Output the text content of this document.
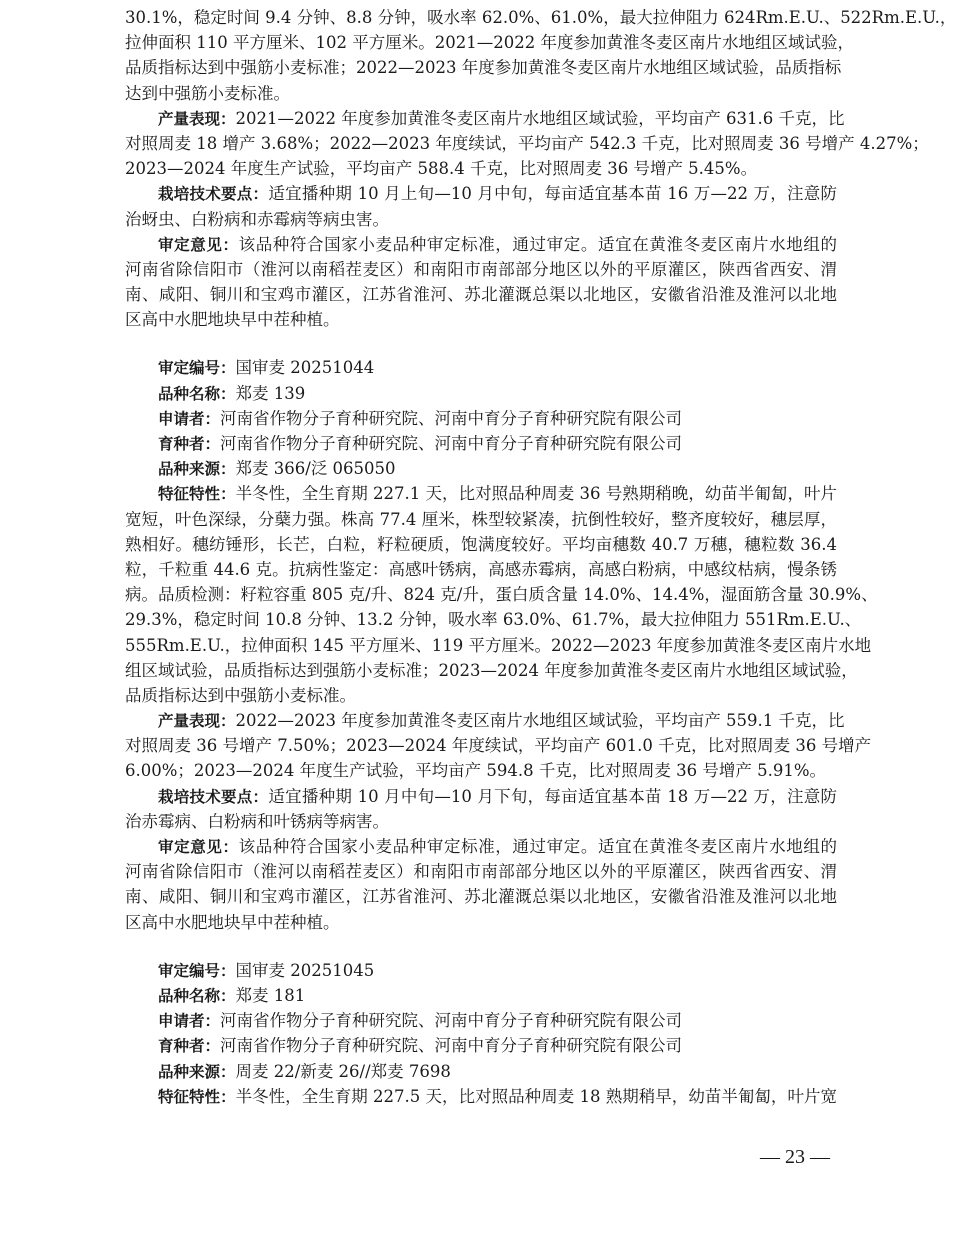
30.1%，稳定时间 9.4 分钟、8.8 分钟，吸水率 62.0%、61.0%，最大拉伸阻力 624Rm.E.U.、522Rm.E.U.，
拉伸面积 110 平方厘米、102 平方厘米。2021—2022 年度参加黄淮冬麦区南片水地组区域试验，
品质指标达到中强筋小麦标准；2022—2023 年度参加黄淮冬麦区南片水地组区域试验，品质指标
达到中强筋小麦标准。
产量表现：2021—2022 年度参加黄淮冬麦区南片水地组区域试验，平均亩产 631.6 千克，比
对照周麦 18 增产 3.68%；2022—2023 年度续试，平均亩产 542.3 千克，比对照周麦 36 号增产 4.27%；
2023—2024 年度生产试验，平均亩产 588.4 千克，比对照周麦 36 号增产 5.45%。
栽培技术要点：适宜播种期 10 月上旬—10 月中旬，每亩适宜基本苗 16 万—22 万，注意防
治蚜虫、白粉病和赤霉病等病虫害。
审定意见：该品种符合国家小麦品种审定标准，通过审定。适宜在黄淮冬麦区南片水地组的
河南省除信阳市（淮河以南稻茬麦区）和南阳市南部部分地区以外的平原灌区，陕西省西安、渭
南、咸阳、铜川和宝鸡市灌区，江苏省淮河、苏北灌溉总渠以北地区，安徽省沿淮及淮河以北地
区高中水肥地块早中茬种植。
审定编号：国审麦 20251044
品种名称：郑麦 139
申请者：河南省作物分子育种研究院、河南中育分子育种研究院有限公司
育种者：河南省作物分子育种研究院、河南中育分子育种研究院有限公司
品种来源：郑麦 366/泛 065050
特征特性：半冬性，全生育期 227.1 天，比对照品种周麦 36 号熟期稍晚，幼苗半匍匐，叶片
宽短，叶色深绿，分蘖力强。株高 77.4 厘米，株型较紧凑，抗倒性较好，整齐度较好，穗层厚，
熟相好。穗纺锤形，长芒，白粒，籽粒硬质，饱满度较好。平均亩穗数 40.7 万穗，穗粒数 36.4
粒，千粒重 44.6 克。抗病性鉴定：高感叶锈病，高感赤霉病，高感白粉病，中感纹枯病，慢条锈
病。品质检测：籽粒容重 805 克/升、824 克/升，蛋白质含量 14.0%、14.4%，湿面筋含量 30.9%、
29.3%，稳定时间 10.8 分钟、13.2 分钟，吸水率 63.0%、61.7%，最大拉伸阻力 551Rm.E.U.、
555Rm.E.U.，拉伸面积 145 平方厘米、119 平方厘米。2022—2023 年度参加黄淮冬麦区南片水地
组区域试验，品质指标达到强筋小麦标准；2023—2024 年度参加黄淮冬麦区南片水地组区域试验，
品质指标达到中强筋小麦标准。
产量表现：2022—2023 年度参加黄淮冬麦区南片水地组区域试验，平均亩产 559.1 千克，比
对照周麦 36 号增产 7.50%；2023—2024 年度续试，平均亩产 601.0 千克，比对照周麦 36 号增产
6.00%；2023—2024 年度生产试验，平均亩产 594.8 千克，比对照周麦 36 号增产 5.91%。
栽培技术要点：适宜播种期 10 月中旬—10 月下旬，每亩适宜基本苗 18 万—22 万，注意防
治赤霉病、白粉病和叶锈病等病害。
审定意见：该品种符合国家小麦品种审定标准，通过审定。适宜在黄淮冬麦区南片水地组的
河南省除信阳市（淮河以南稻茬麦区）和南阳市南部部分地区以外的平原灌区，陕西省西安、渭
南、咸阳、铜川和宝鸡市灌区，江苏省淮河、苏北灌溉总渠以北地区，安徽省沿淮及淮河以北地
区高中水肥地块早中茬种植。
审定编号：国审麦 20251045
品种名称：郑麦 181
申请者：河南省作物分子育种研究院、河南中育分子育种研究院有限公司
育种者：河南省作物分子育种研究院、河南中育分子育种研究院有限公司
品种来源：周麦 22/新麦 26//郑麦 7698
特征特性：半冬性，全生育期 227.5 天，比对照品种周麦 18 熟期稍早，幼苗半匍匐，叶片宽
— 23 —
